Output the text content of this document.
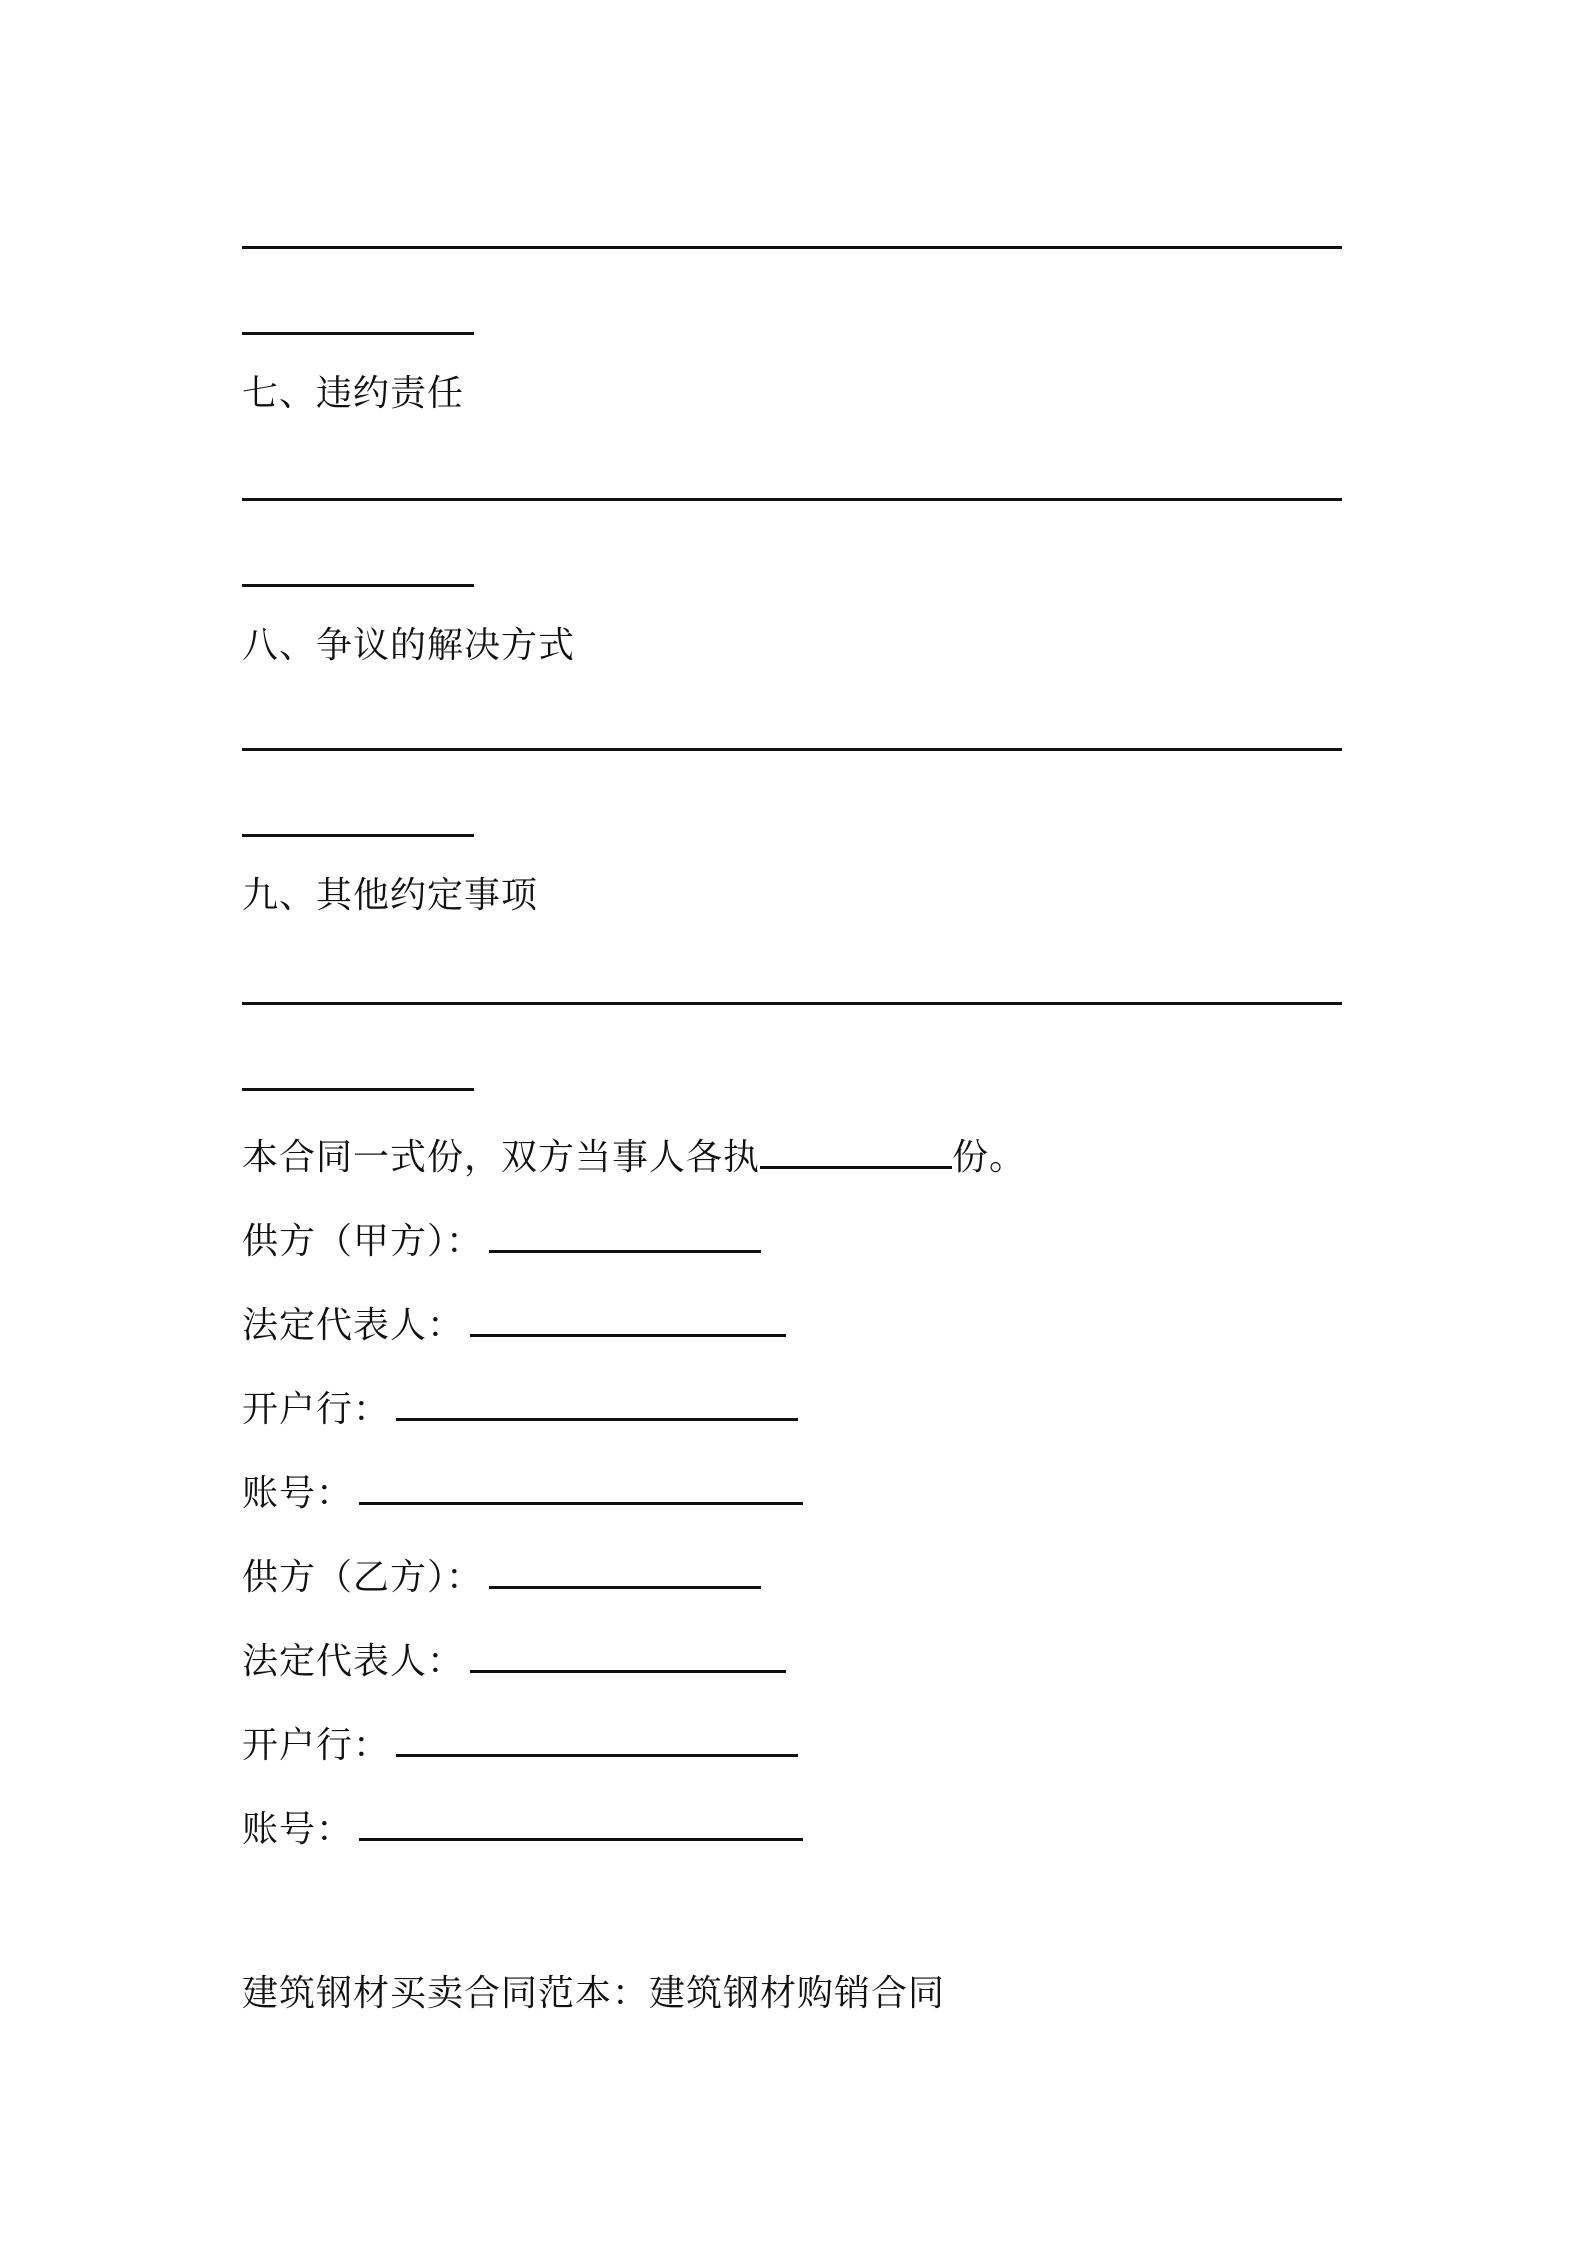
七、违约责任
八、争议的解决方式
九、其他约定事项
本合同一式份，双方当事人各执	份。
供方（甲方）：
法定代表人：
开户行：
账号：
供方（乙方）：
法定代表人：
开户行：
账号：
建筑钢材买卖合同范本：建筑钢材购销合同
